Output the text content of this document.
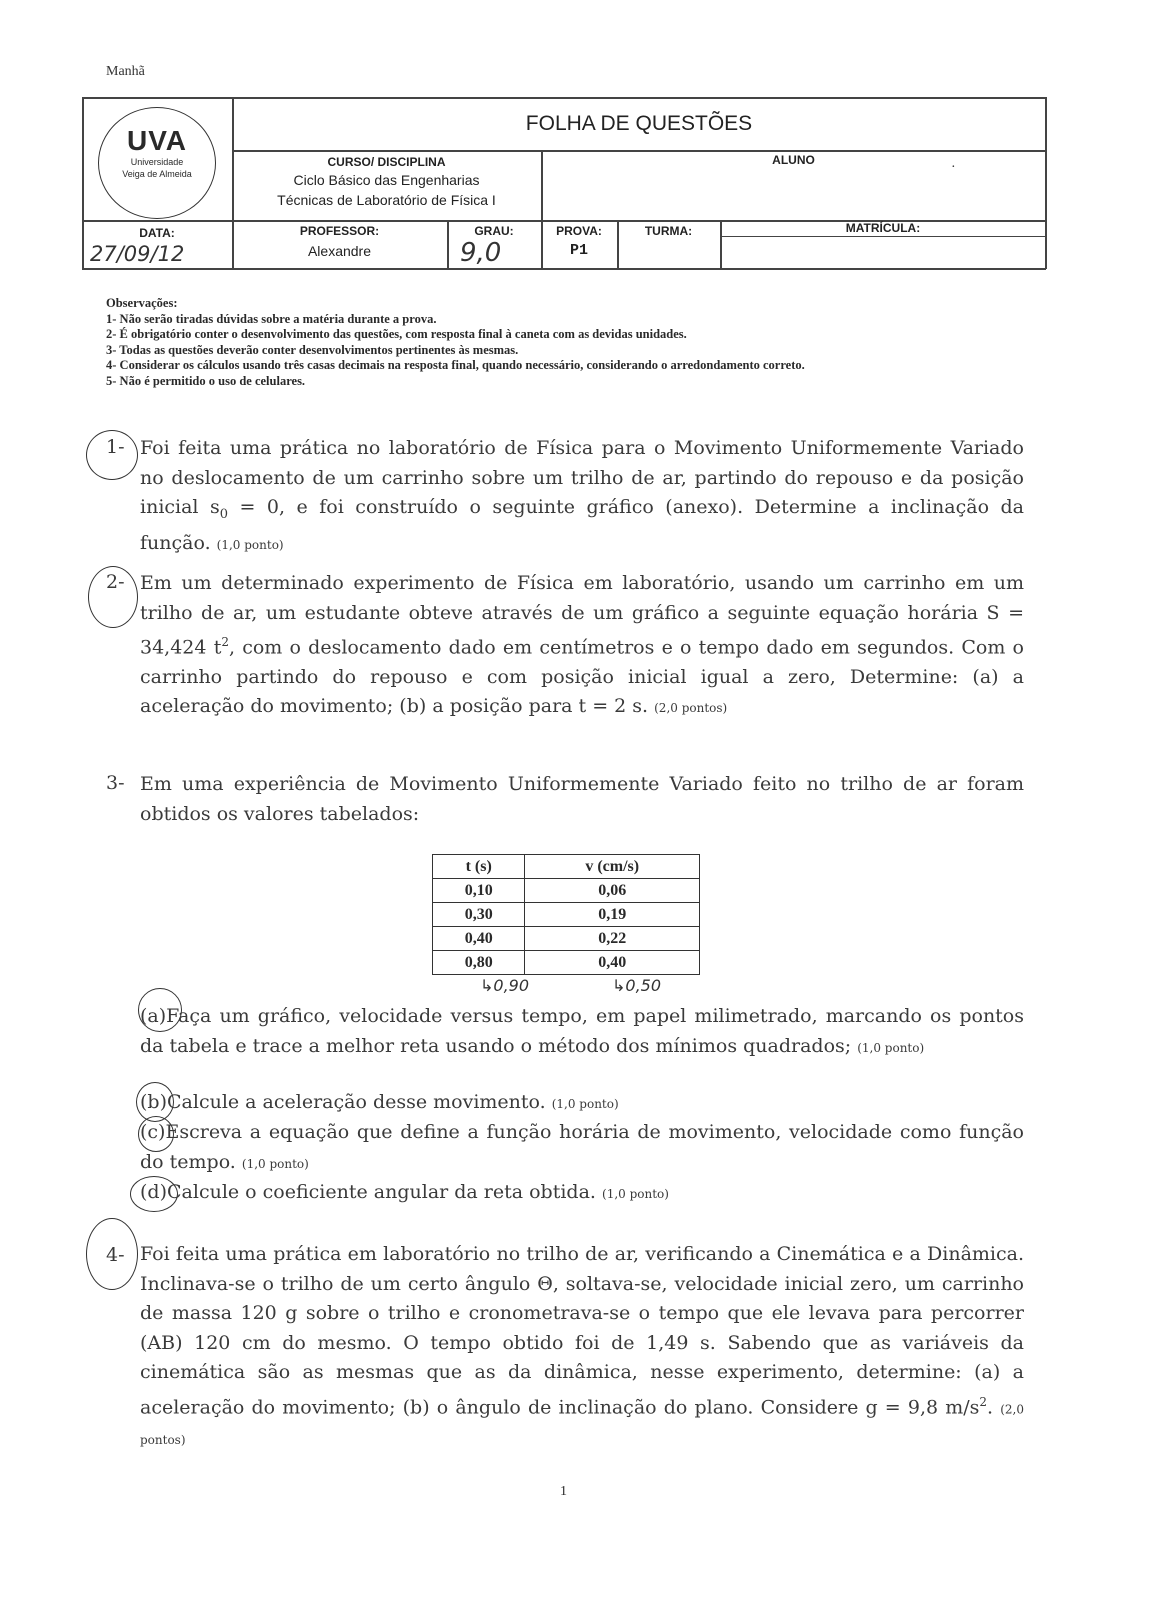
Manhã
UVA
Universidade
Veiga de Almeida
FOLHA DE QUESTÕES
CURSO/ DISCIPLINA
Ciclo Básico das Engenharias
Técnicas de Laboratório de Física I
ALUNO	·
DATA:
27/09/12
PROFESSOR:
Alexandre
GRAU:
9,0
PROVA:
P1
TURMA:	MATRÍCULA:
Observações:
1- Não serão tiradas dúvidas sobre a matéria durante a prova.
2- É obrigatório conter o desenvolvimento das questões, com resposta final à caneta com as devidas unidades.
3- Todas as questões deverão conter desenvolvimentos pertinentes às mesmas.
4- Considerar os cálculos usando três casas decimais na resposta final, quando necessário, considerando o arredondamento correto.
5- Não é permitido o uso de celulares.
1- Foi feita uma prática no laboratório de Física para o Movimento Uniformemente Variado no deslocamento de um carrinho sobre um trilho de ar, partindo do repouso e da posição inicial $s_0 = 0$, e foi construído o seguinte gráfico (anexo). Determine a inclinação da função. (1,0 ponto)
2- Em um determinado experimento de Física em laboratório, usando um carrinho em um trilho de ar, um estudante obteve através de um gráfico a seguinte equação horária S = 34,424 $t^2$, com o deslocamento dado em centímetros e o tempo dado em segundos. Com o carrinho partindo do repouso e com posição inicial igual a zero, Determine: (a) a aceleração do movimento; (b) a posição para t = 2 s. (2,0 pontos)
3- Em uma experiência de Movimento Uniformemente Variado feito no trilho de ar foram obtidos os valores tabelados:
t (s)	v (cm/s)
0,10	0,06
0,30	0,19
0,40	0,22
0,80	0,40
↳0,90	↳0,50
(a)Faça um gráfico, velocidade versus tempo, em papel milimetrado, marcando os pontos da tabela e trace a melhor reta usando o método dos mínimos quadrados; (1,0 ponto)
(b)Calcule a aceleração desse movimento. (1,0 ponto)
(c)Escreva a equação que define a função horária de movimento, velocidade como função do tempo. (1,0 ponto)
(d)Calcule o coeficiente angular da reta obtida. (1,0 ponto)
4- Foi feita uma prática em laboratório no trilho de ar, verificando a Cinemática e a Dinâmica. Inclinava-se o trilho de um certo ângulo Θ, soltava-se, velocidade inicial zero, um carrinho de massa 120 g sobre o trilho e cronometrava-se o tempo que ele levava para percorrer (AB) 120 cm do mesmo. O tempo obtido foi de 1,49 s. Sabendo que as variáveis da cinemática são as mesmas que as da dinâmica, nesse experimento, determine: (a) a aceleração do movimento; (b) o ângulo de inclinação do plano. Considere g = 9,8 $m/s^2$. (2,0 pontos)
1
